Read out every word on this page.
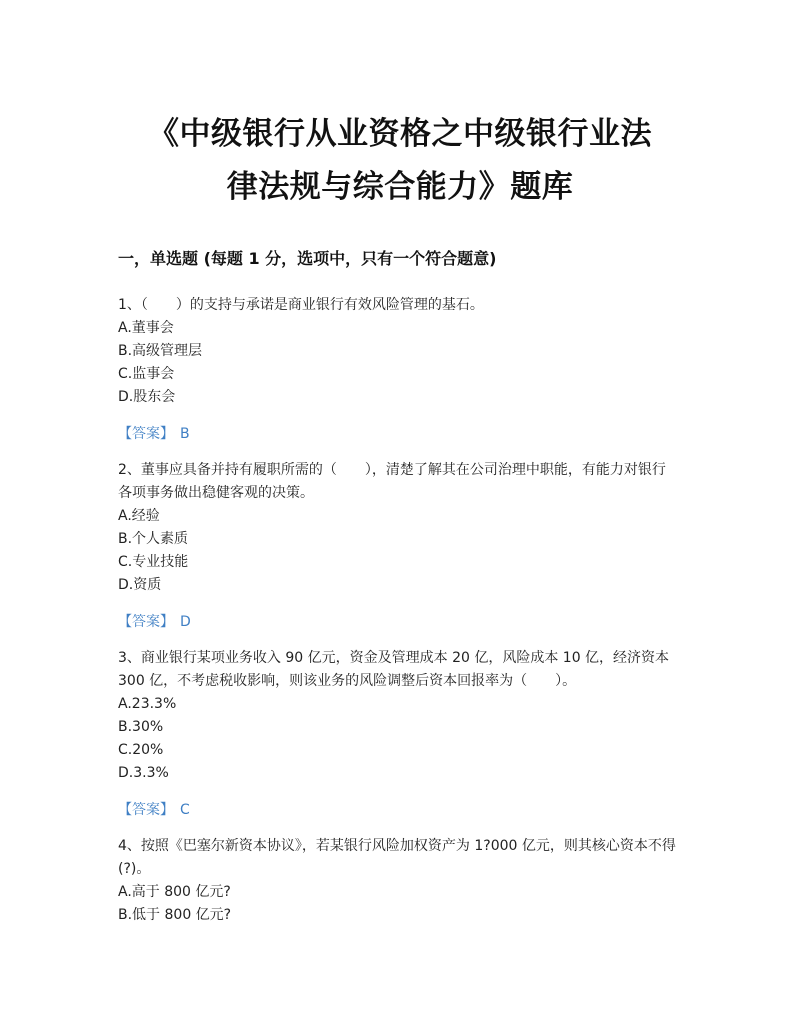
《中级银行从业资格之中级银行业法
律法规与综合能力》题库
一，单选题 (每题 1 分，选项中，只有一个符合题意)

1、（　　）的支持与承诺是商业银行有效风险管理的基石。

A.董事会

B.高级管理层

C.监事会

D.股东会

【答案】 B

2、董事应具备并持有履职所需的（　　），清楚了解其在公司治理中职能，有能力对银行各项事务做出稳健客观的决策。

A.经验

B.个人素质

C.专业技能

D.资质

【答案】 D

3、商业银行某项业务收入 90 亿元，资金及管理成本 20 亿，风险成本 10 亿，经济资本 300 亿，不考虑税收影响，则该业务的风险调整后资本回报率为（　　）。

A.23.3%

B.30%

C.20%

D.3.3%

【答案】 C

4、按照《巴塞尔新资本协议》，若某银行风险加权资产为 1?000 亿元，则其核心资本不得(?)。

A.高于 800 亿元?

B.低于 800 亿元?
